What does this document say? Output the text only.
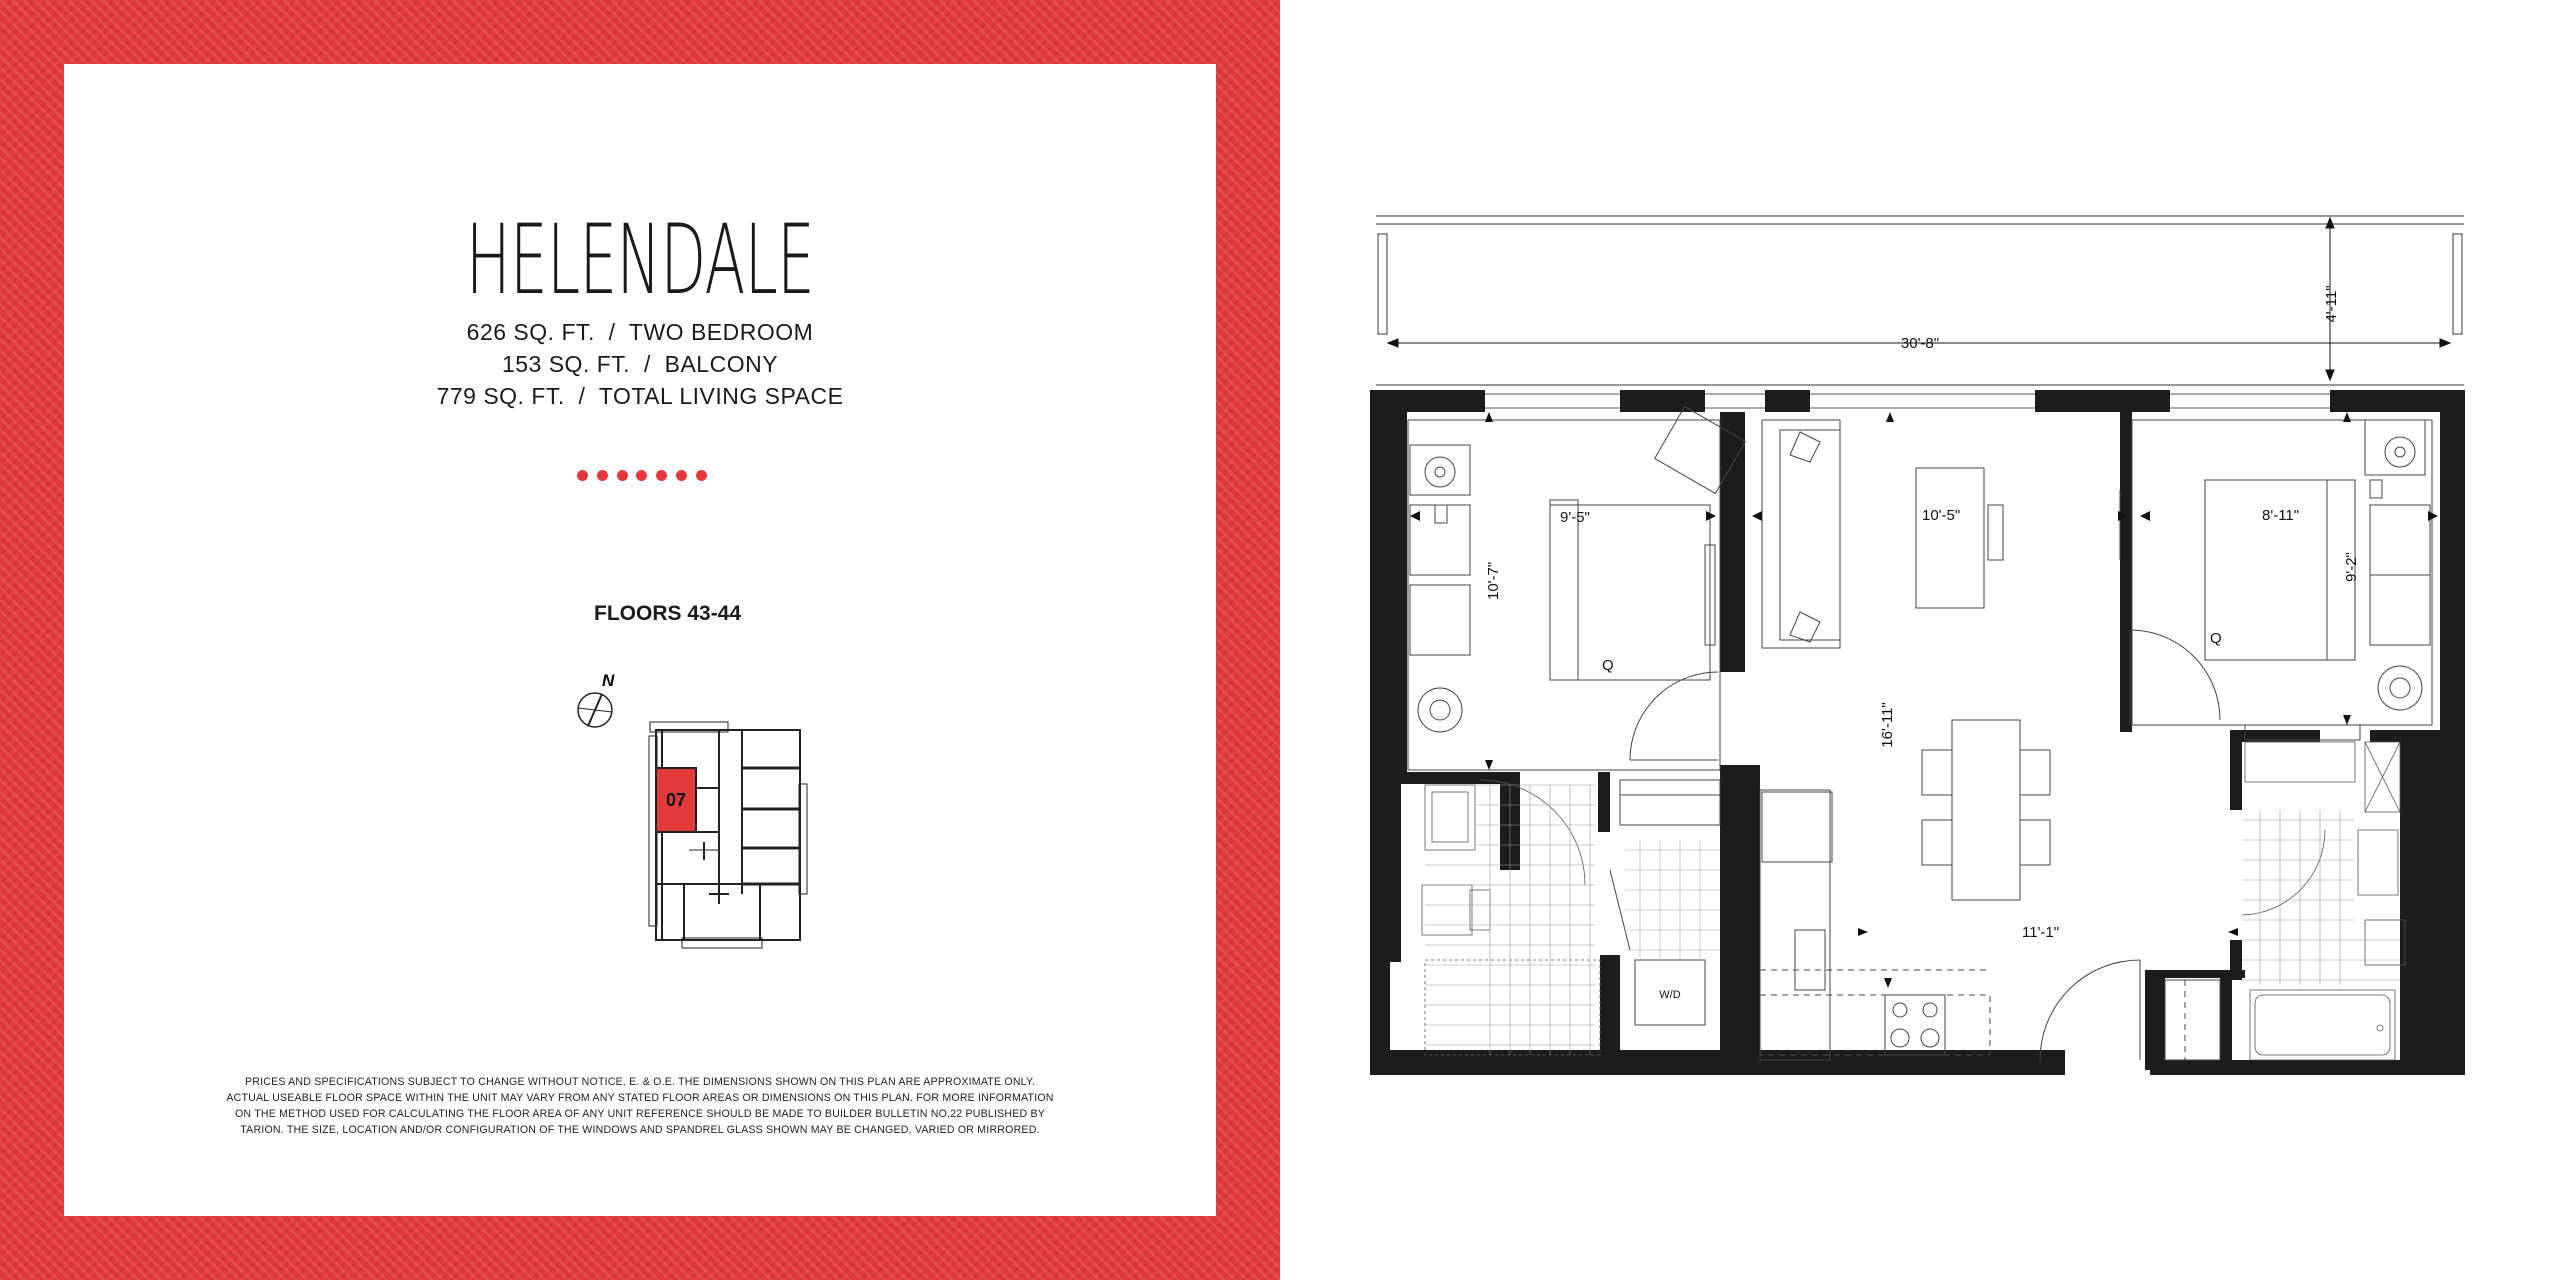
HELENDALE
626 SQ. FT.  /  TWO BEDROOM
153 SQ. FT.  /  BALCONY
779 SQ. FT.  /  TOTAL LIVING SPACE
FLOORS 43-44
N
07
PRICES AND SPECIFICATIONS SUBJECT TO CHANGE WITHOUT NOTICE. E. & O.E. THE DIMENSIONS SHOWN ON THIS PLAN ARE APPROXIMATE ONLY. ACTUAL USEABLE FLOOR SPACE WITHIN THE UNIT MAY VARY FROM ANY STATED FLOOR AREAS OR DIMENSIONS ON THIS PLAN. FOR MORE INFORMATION ON THE METHOD USED FOR CALCULATING THE FLOOR AREA OF ANY UNIT REFERENCE SHOULD BE MADE TO BUILDER BULLETIN NO.22 PUBLISHED BY TARION. THE SIZE, LOCATION AND/OR CONFIGURATION OF THE WINDOWS AND SPANDREL GLASS SHOWN MAY BE CHANGED, VARIED OR MIRRORED.
30'-8"
4'-11"
9'-5"
10'-7"
Q
10'-5"
16'-11"
11'-1"
W/D
8'-11"
9'-2"
Q
